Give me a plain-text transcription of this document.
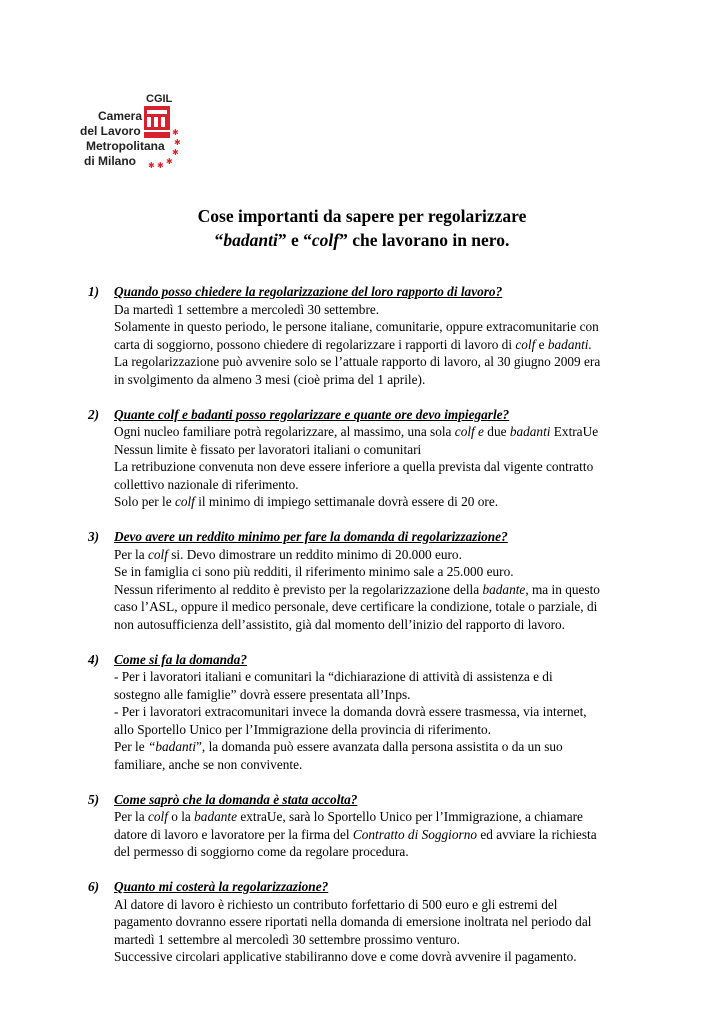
CGIL
✱
✱
✱
✱
✱
✱
Camera
del Lavoro
Metropolitana
di Milano
Cose importanti da sapere per regolarizzare
“badanti” e “colf” che lavorano in nero.
1)	Quando posso chiedere la regolarizzazione del loro rapporto di lavoro?
Da martedì 1 settembre a mercoledì 30 settembre.
Solamente in questo periodo, le persone italiane, comunitarie, oppure extracomunitarie con
carta di soggiorno, possono chiedere di regolarizzare i rapporti di lavoro di colf e badanti.
La regolarizzazione può avvenire solo se l’attuale rapporto di lavoro, al 30 giugno 2009 era
in svolgimento da almeno 3 mesi (cioè prima del 1 aprile).
2)	Quante colf e badanti posso regolarizzare e quante ore devo impiegarle?
Ogni nucleo familiare potrà regolarizzare, al massimo, una sola colf e due badanti ExtraUe
Nessun limite è fissato per lavoratori italiani o comunitari
La retribuzione convenuta non deve essere inferiore a quella prevista dal vigente contratto
collettivo nazionale di riferimento.
Solo per le colf il minimo di impiego settimanale dovrà essere di 20 ore.
3)	Devo avere un reddito minimo per fare la domanda di regolarizzazione?
Per la colf si. Devo dimostrare un reddito minimo di 20.000 euro.
Se in famiglia ci sono più redditi, il riferimento minimo sale a 25.000 euro.
Nessun riferimento al reddito è previsto per la regolarizzazione della badante, ma in questo
caso l’ASL, oppure il medico personale, deve certificare la condizione, totale o parziale, di
non autosufficienza dell’assistito, già dal momento dell’inizio del rapporto di lavoro.
4)	Come si fa la domanda?
- Per i lavoratori italiani e comunitari la “dichiarazione di attività di assistenza e di
sostegno alle famiglie” dovrà essere presentata all’Inps.
- Per i lavoratori extracomunitari invece la domanda dovrà essere trasmessa, via internet,
allo Sportello Unico per l’Immigrazione della provincia di riferimento.
Per le “badanti”, la domanda può essere avanzata dalla persona assistita o da un suo
familiare, anche se non convivente.
5)	Come saprò che la domanda è stata accolta?
Per la colf o la badante extraUe, sarà lo Sportello Unico per l’Immigrazione, a chiamare
datore di lavoro e lavoratore per la firma del Contratto di Soggiorno ed avviare la richiesta
del permesso di soggiorno come da regolare procedura.
6)	Quanto mi costerà la regolarizzazione?
Al datore di lavoro è richiesto un contributo forfettario di 500 euro e gli estremi del
pagamento dovranno essere riportati nella domanda di emersione inoltrata nel periodo dal
martedì 1 settembre al mercoledì 30 settembre prossimo venturo.
Successive circolari applicative stabiliranno dove e come dovrà avvenire il pagamento.
